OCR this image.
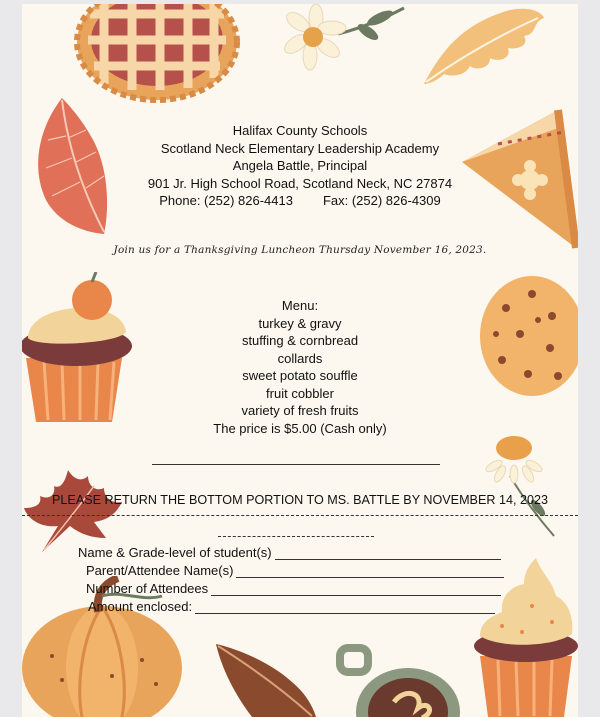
Halifax County Schools
Scotland Neck Elementary Leadership Academy
Angela Battle, Principal
901 Jr. High School Road, Scotland Neck, NC 27874
Phone: (252) 826-4413 Fax: (252) 826-4309
Join us for a Thanksgiving Luncheon Thursday November 16, 2023.
Menu:
turkey & gravy
stuffing & cornbread
collards
sweet potato souffle
fruit cobbler
variety of fresh fruits
The price is $5.00 (Cash only)
PLEASE RETURN THE BOTTOM PORTION TO MS. BATTLE BY NOVEMBER 14, 2023
Name & Grade-level of student(s)
Parent/Attendee Name(s)
Number of Attendees
Amount enclosed:
